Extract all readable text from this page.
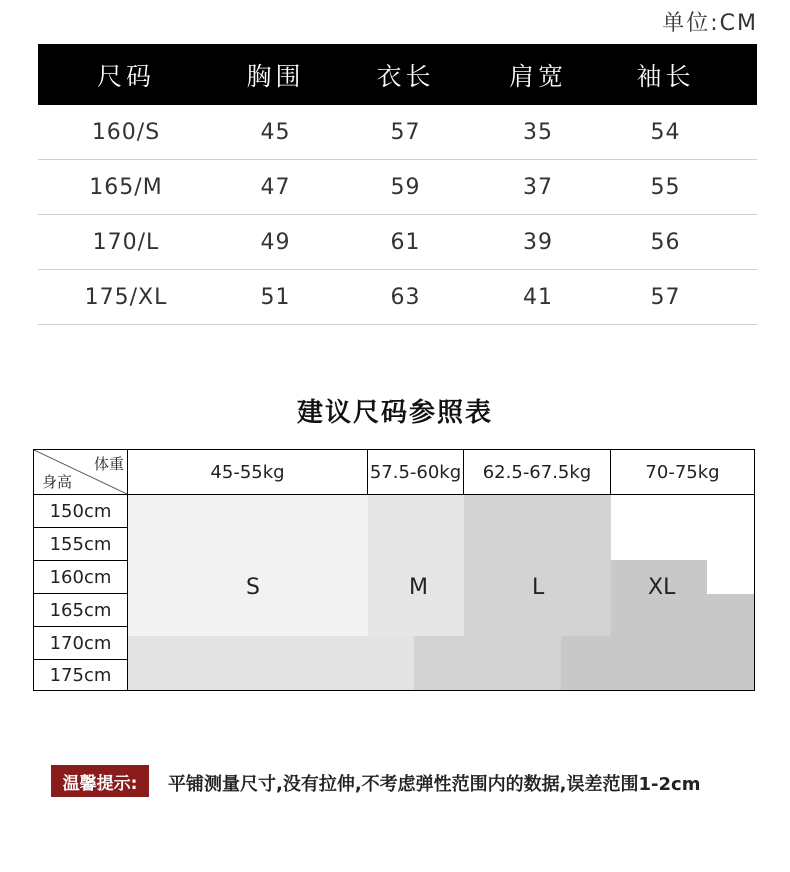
单位:CM
尺码	胸围	衣长	肩宽	袖长
160/S	45	57	35	54
165/M	47	59	37	55
170/L	49	61	39	56
175/XL	51	63	41	57
建议尺码参照表
体重
身高	45-55kg	57.5-60kg	62.5-67.5kg	70-75kg
150cm
155cm
160cm
165cm
170cm
175cm
S	M	L	XL
温馨提示:	平铺测量尺寸,没有拉伸,不考虑弹性范围内的数据,误差范围1-2cm
